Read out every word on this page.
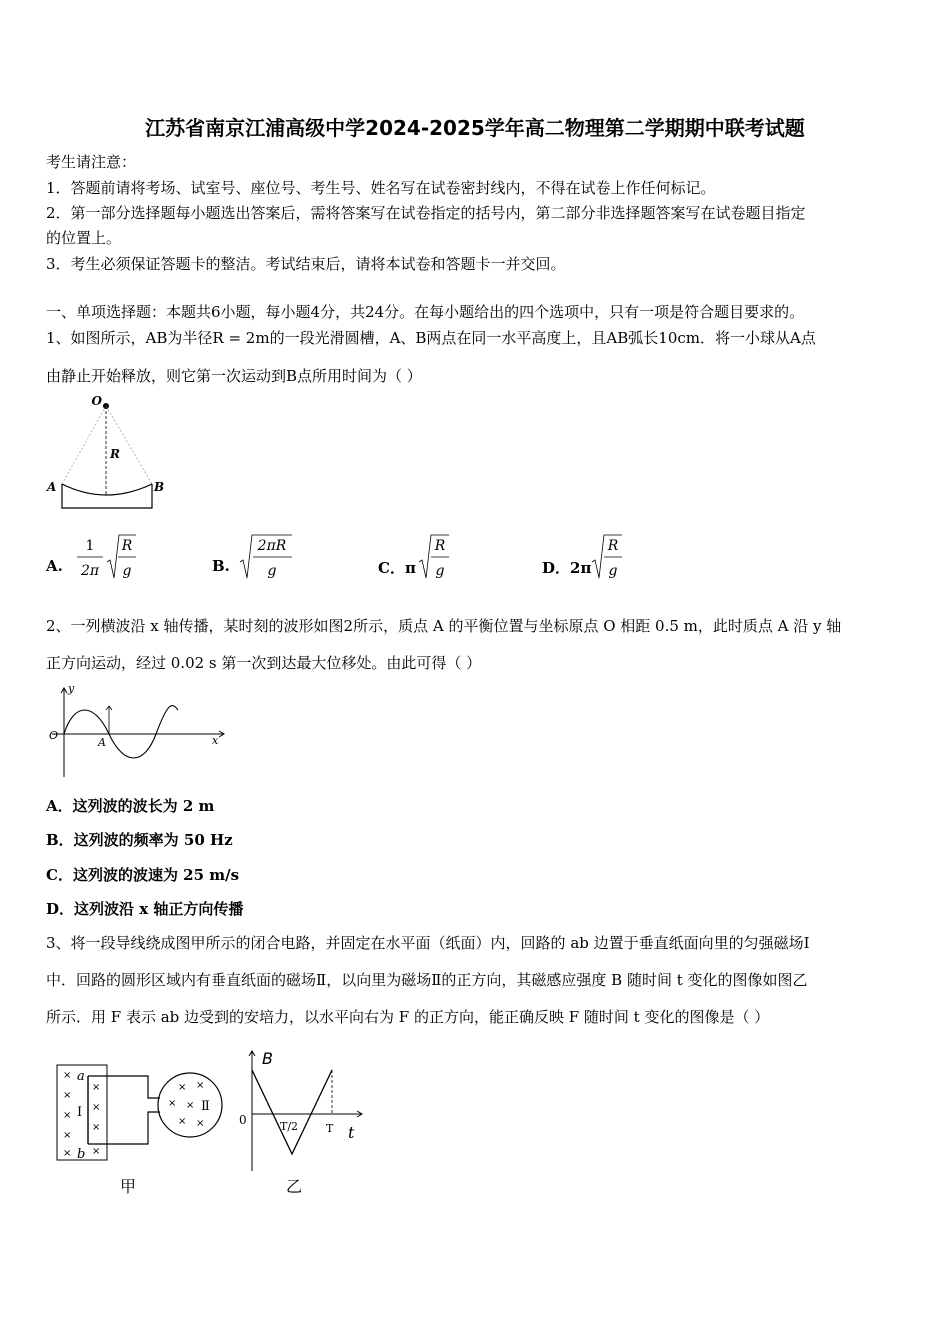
江苏省南京江浦高级中学2024-2025学年高二物理第二学期期中联考试题
考生请注意：
1．答题前请将考场、试室号、座位号、考生号、姓名写在试卷密封线内，不得在试卷上作任何标记。
2．第一部分选择题每小题选出答案后，需将答案写在试卷指定的括号内，第二部分非选择题答案写在试卷题目指定
的位置上。
3．考生必须保证答题卡的整洁。考试结束后，请将本试卷和答题卡一并交回。
一、单项选择题：本题共6小题，每小题4分，共24分。在每小题给出的四个选项中，只有一项是符合题目要求的。
1、如图所示，AB为半径R = 2m的一段光滑圆槽，A、B两点在同一水平高度上，且AB弧长10cm．将一小球从A点
由静止开始释放，则它第一次运动到B点所用时间为（ ）
O
R
A	B
A.
1
2π
R
g	B.
2πR
g	C．π
R
g	D．2π
R
g
2、一列横波沿 x 轴传播，某时刻的波形如图2所示，质点 A 的平衡位置与坐标原点 O 相距 0.5 m，此时质点 A 沿 y 轴
正方向运动，经过 0.02 s 第一次到达最大位移处。由此可得（ ）
y
O
A	x
A．这列波的波长为 2 m
B．这列波的频率为 50 Hz
C．这列波的波速为 25 m/s
D．这列波沿 x 轴正方向传播
3、将一段导线绕成图甲所示的闭合电路，并固定在水平面（纸面）内，回路的 ab 边置于垂直纸面向里的匀强磁场Ⅰ
中．回路的圆形区域内有垂直纸面的磁场Ⅱ，以向里为磁场Ⅱ的正方向，其磁感应强度 B 随时间 t 变化的图像如图乙
所示．用 F 表示 ab 边受到的安培力，以水平向右为 F 的正方向，能正确反映 F 随时间 t 变化的图像是（ ）
×
×
×
×
×
×
×
×
×
× ×
× ×
× ×
a
b
Ⅰ	Ⅱ
甲
B
0	T/2	T t
乙
